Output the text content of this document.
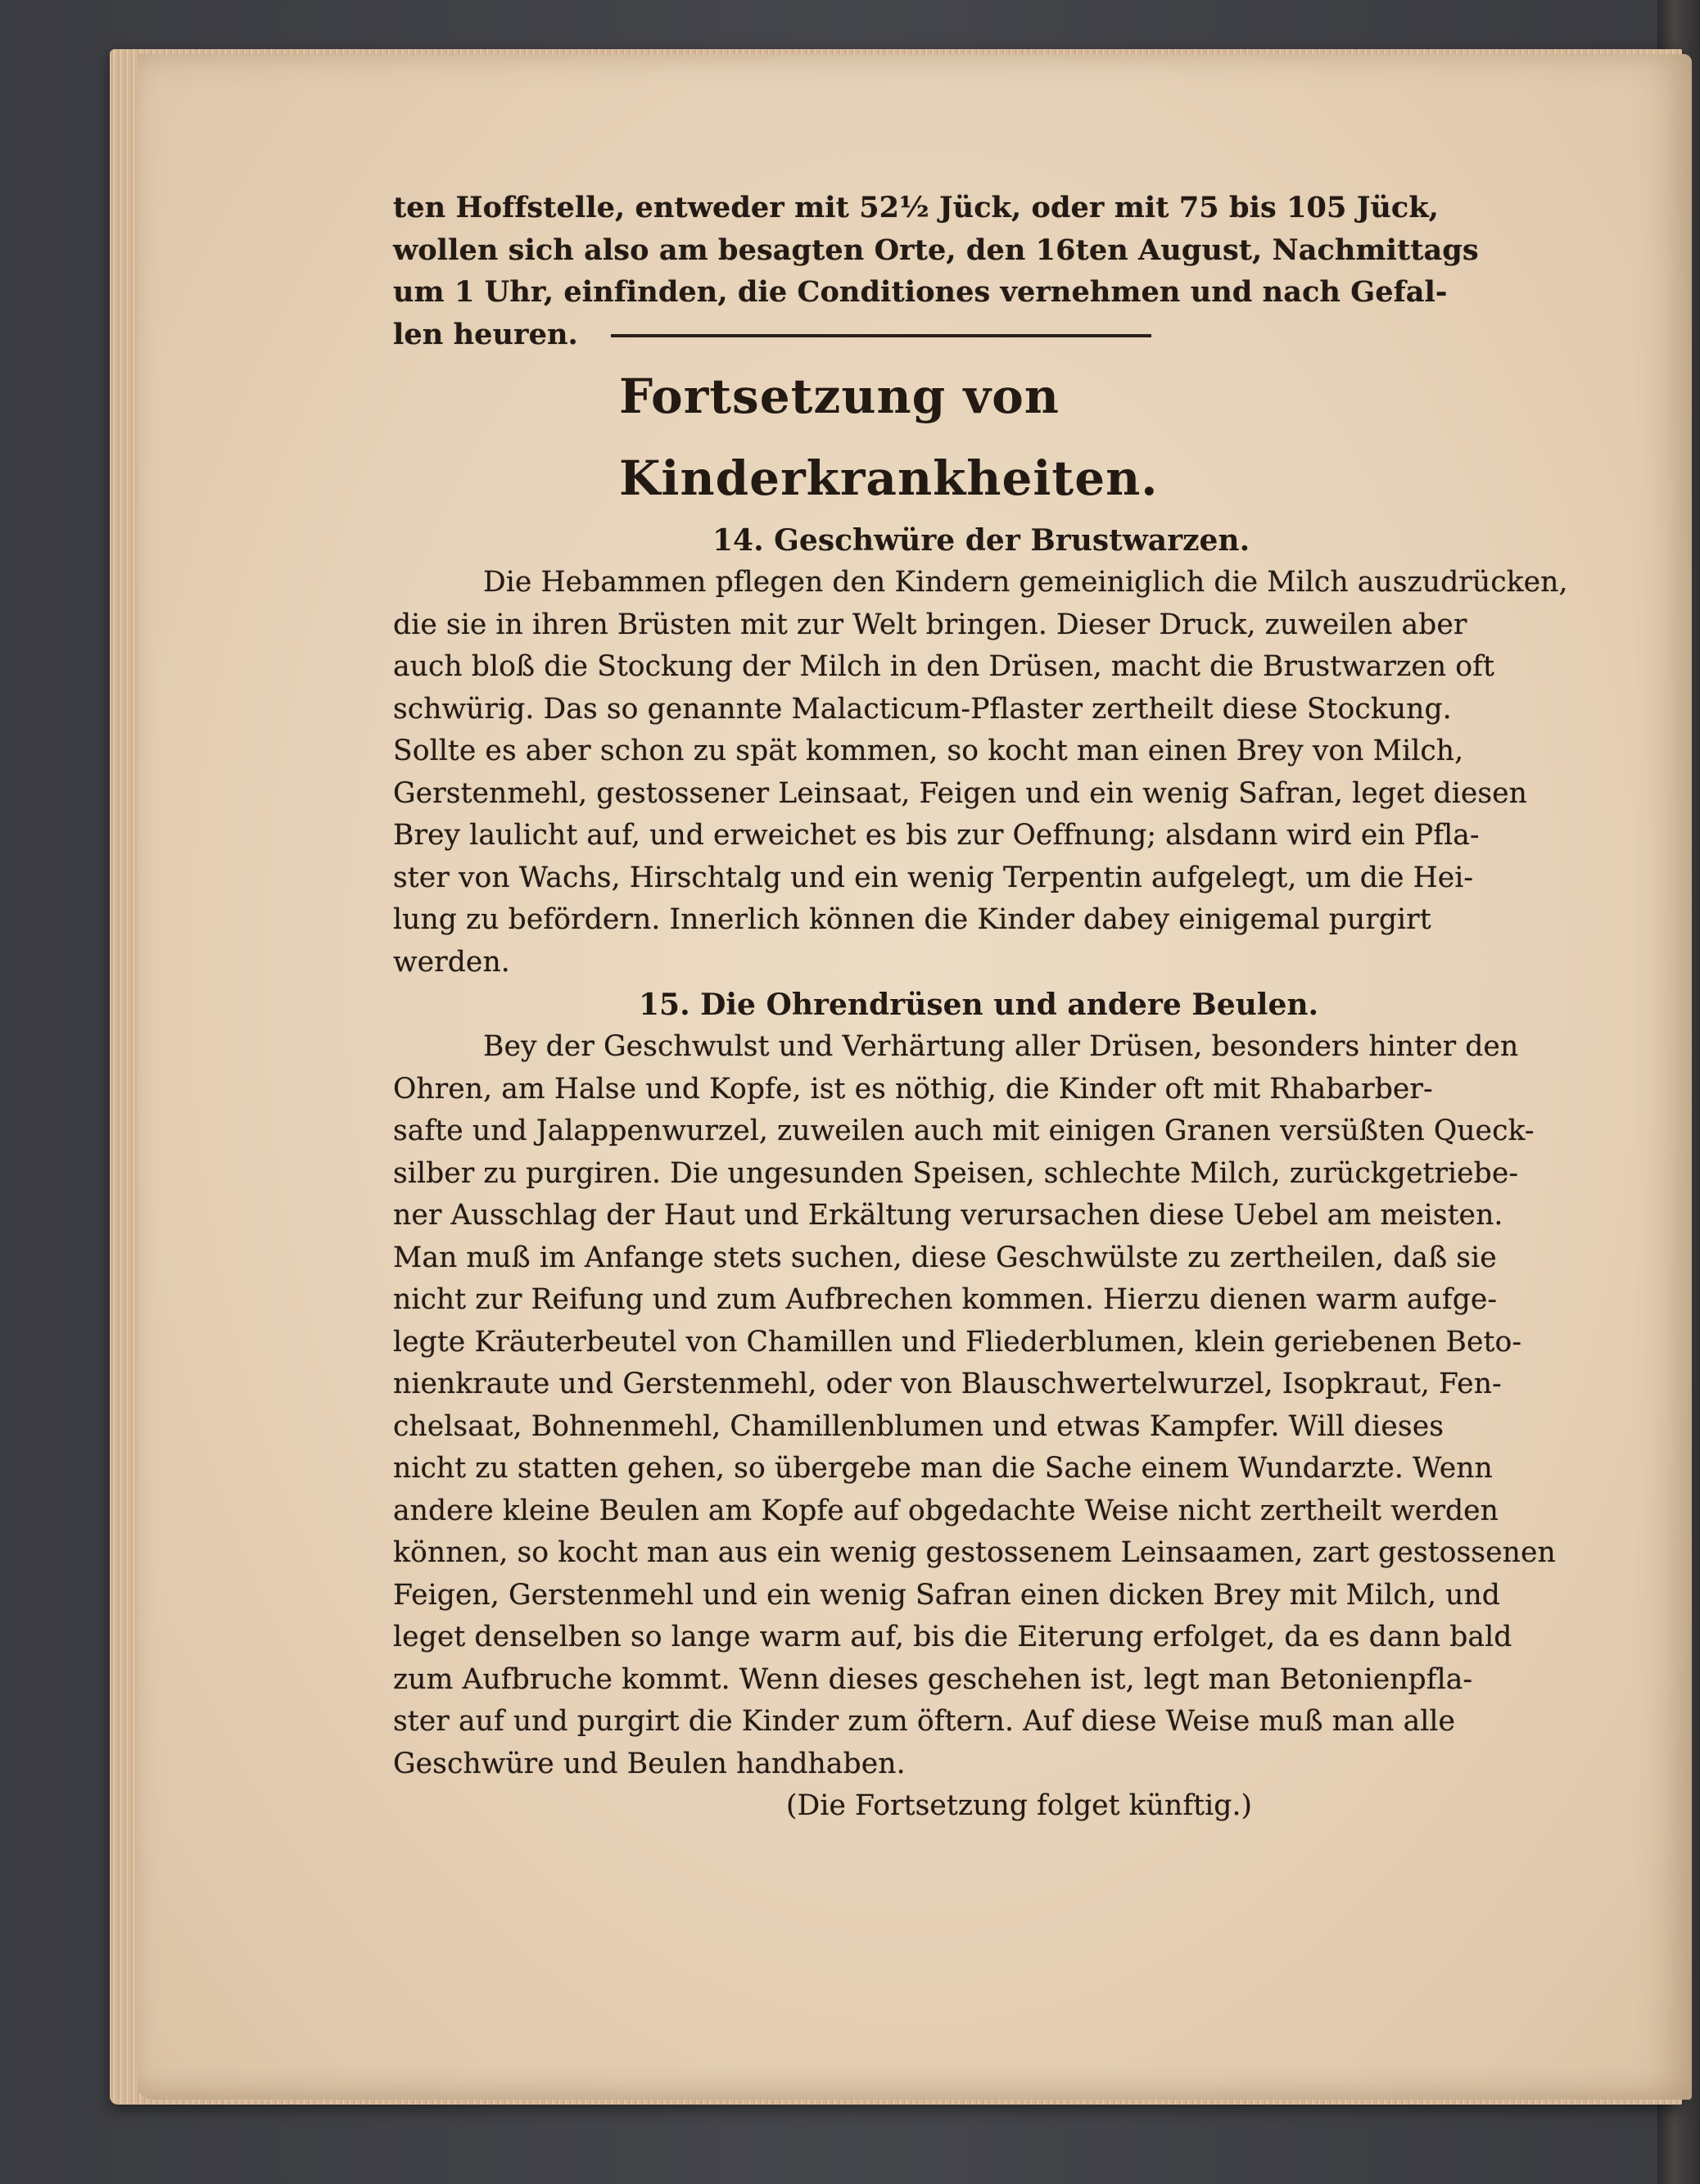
ten Hoffstelle, entweder mit 52½ Jück, oder mit 75 bis 105 Jück,
wollen sich also am besagten Orte, den 16ten August, Nachmittags
um 1 Uhr, einfinden, die Conditiones vernehmen und nach Gefal-
len heuren.
Fortsetzung von Kinderkrankheiten.
14. Geschwüre der Brustwarzen.
Die Hebammen pflegen den Kindern gemeiniglich die Milch auszudrücken,
die sie in ihren Brüsten mit zur Welt bringen. Dieser Druck, zuweilen aber
auch bloß die Stockung der Milch in den Drüsen, macht die Brustwarzen oft
schwürig. Das so genannte Malacticum-Pflaster zertheilt diese Stockung.
Sollte es aber schon zu spät kommen, so kocht man einen Brey von Milch,
Gerstenmehl, gestossener Leinsaat, Feigen und ein wenig Safran, leget diesen
Brey laulicht auf, und erweichet es bis zur Oeffnung; alsdann wird ein Pfla-
ster von Wachs, Hirschtalg und ein wenig Terpentin aufgelegt, um die Hei-
lung zu befördern. Innerlich können die Kinder dabey einigemal purgirt
werden.
15. Die Ohrendrüsen und andere Beulen.
Bey der Geschwulst und Verhärtung aller Drüsen, besonders hinter den
Ohren, am Halse und Kopfe, ist es nöthig, die Kinder oft mit Rhabarber-
safte und Jalappenwurzel, zuweilen auch mit einigen Granen versüßten Queck-
silber zu purgiren. Die ungesunden Speisen, schlechte Milch, zurückgetriebe-
ner Ausschlag der Haut und Erkältung verursachen diese Uebel am meisten.
Man muß im Anfange stets suchen, diese Geschwülste zu zertheilen, daß sie
nicht zur Reifung und zum Aufbrechen kommen. Hierzu dienen warm aufge-
legte Kräuterbeutel von Chamillen und Fliederblumen, klein geriebenen Beto-
nienkraute und Gerstenmehl, oder von Blauschwertelwurzel, Isopkraut, Fen-
chelsaat, Bohnenmehl, Chamillenblumen und etwas Kampfer. Will dieses
nicht zu statten gehen, so übergebe man die Sache einem Wundarzte. Wenn
andere kleine Beulen am Kopfe auf obgedachte Weise nicht zertheilt werden
können, so kocht man aus ein wenig gestossenem Leinsaamen, zart gestossenen
Feigen, Gerstenmehl und ein wenig Safran einen dicken Brey mit Milch, und
leget denselben so lange warm auf, bis die Eiterung erfolget, da es dann bald
zum Aufbruche kommt. Wenn dieses geschehen ist, legt man Betonienpfla-
ster auf und purgirt die Kinder zum öftern. Auf diese Weise muß man alle
Geschwüre und Beulen handhaben.
(Die Fortsetzung folget künftig.)
